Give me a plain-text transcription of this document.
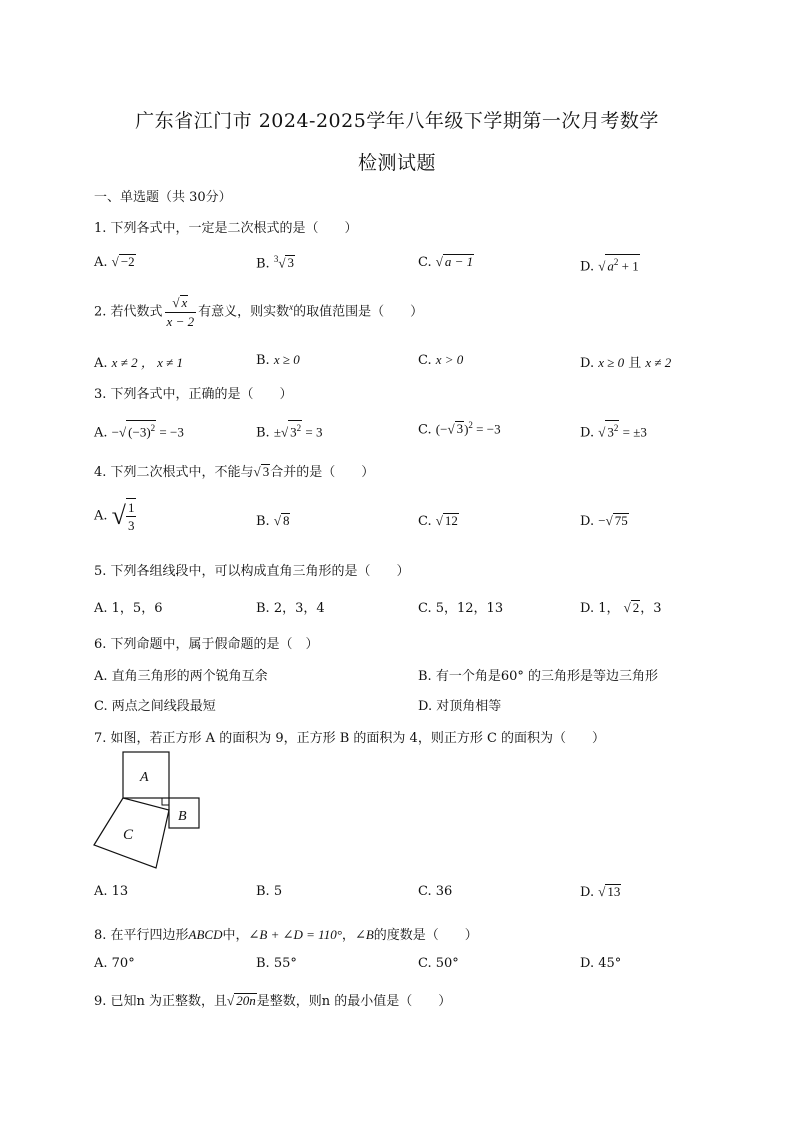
广东省江门市 2024-2025学年八年级下学期第一次月考数学
检测试题
一、单选题（共 30分）
1. 下列各式中，一定是二次根式的是（　　）
A. √ −2	B. $^3$√ 3	C. √ a − 1	D. √ $a^2 + 1$
2. 若代数式 $\frac{√ x}{x - 2}$ 有意义，则实数$^x$的取值范围是（　　）
A. x ≠ 2 ， x ≠ 1	B. x ≥ 0	C. x > 0	D. x ≥ 0 且 x ≠ 2
3. 下列各式中，正确的是（　　）
A. −√ $(-3)^2 = -3$	B. ±√ $3^2 = 3$	C. (−√ 3)$^2$ = −3	D. √ $3^2 = \pm 3$
4. 下列二次根式中，不能与√ 3合并的是（　　）
A. √ $\frac{1}{3}$	B. √ 8	C. √ 12	D. −√ 75
5. 下列各组线段中，可以构成直角三角形的是（　　）
A. 1，5，6	B. 2，3，4	C. 5，12，13	D. 1， √ 2，3
6. 下列命题中，属于假命题的是（　）
A. 直角三角形的两个锐角互余	B. 有一个角是60° 的三角形是等边三角形
C. 两点之间线段最短	D. 对顶角相等
7. 如图，若正方形 A 的面积为 9，正方形 B 的面积为 4，则正方形 C 的面积为（　　）
A
B
C
A. 13	B. 5	C. 36	D. √ 13
8. 在平行四边形ABCD中，∠B + ∠D = 110°，∠B的度数是（　　）
A. 70°	B. 55°	C. 50°	D. 45°
9. 已知n 为正整数，且√ 20n是整数，则n 的最小值是（　　）
